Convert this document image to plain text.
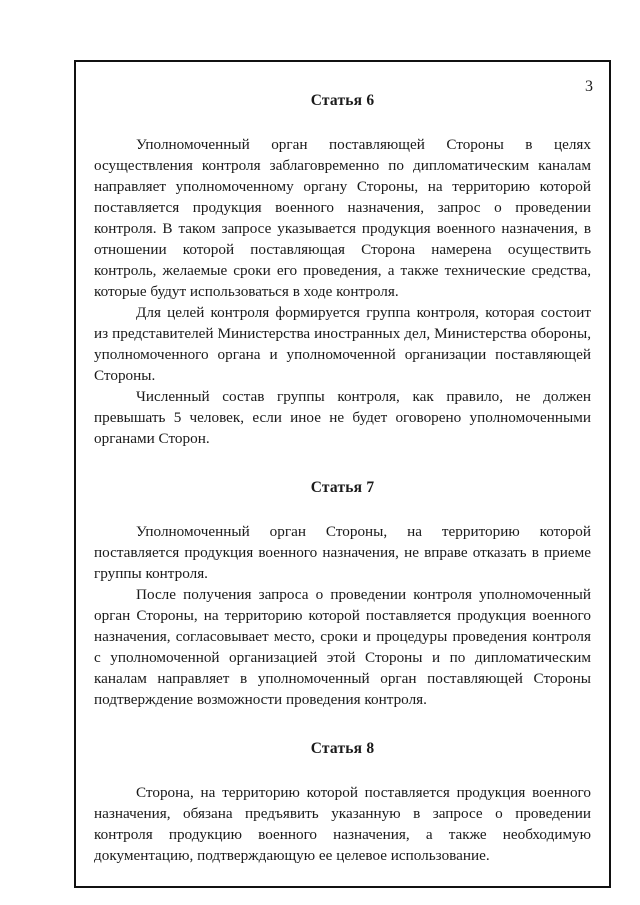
3
Статья 6

Уполномоченный орган поставляющей Стороны в целях осуществления контроля заблаговременно по дипломатическим каналам направляет уполномоченному органу Стороны, на территорию которой поставляется продукция военного назначения, запрос о проведении контроля. В таком запросе указывается продукция военного назначения, в отношении которой поставляющая Сторона намерена осуществить контроль, желаемые сроки его проведения, а также технические средства, которые будут использоваться в ходе контроля.

Для целей контроля формируется группа контроля, которая состоит из представителей Министерства иностранных дел, Министерства обороны, уполномоченного органа и уполномоченной организации поставляющей Стороны.

Численный состав группы контроля, как правило, не должен превышать 5 человек, если иное не будет оговорено уполномоченными органами Сторон.

Статья 7

Уполномоченный орган Стороны, на территорию которой поставляется продукция военного назначения, не вправе отказать в приеме группы контроля.

После получения запроса о проведении контроля уполномоченный орган Стороны, на территорию которой поставляется продукция военного назначения, согласовывает место, сроки и процедуры проведения контроля с уполномоченной организацией этой Стороны и по дипломатическим каналам направляет в уполномоченный орган поставляющей Стороны подтверждение возможности проведения контроля.

Статья 8

Сторона, на территорию которой поставляется продукция военного назначения, обязана предъявить указанную в запросе о проведении контроля продукцию военного назначения, а также необходимую документацию, подтверждающую ее целевое использование.
